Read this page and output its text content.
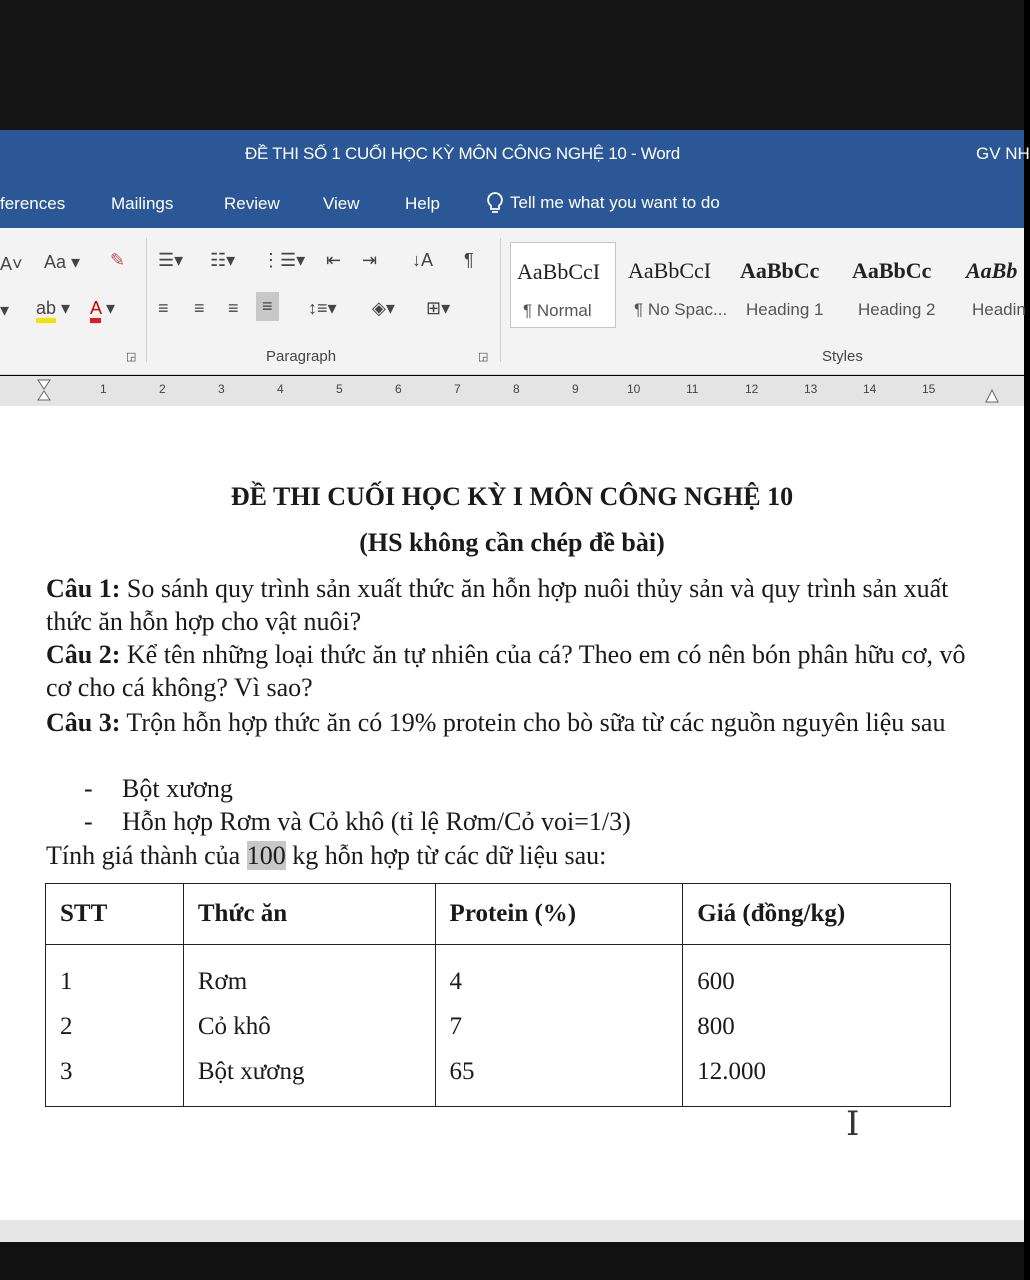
ĐỀ THI SỐ 1 CUỐI HỌC KỲ MÔN CÔNG NGHỆ 10 - Word	GV NH
ferences	Mailings	Review	View	Help	Tell me what you want to do
A˅ Aa ▾ ✎
▾ ab ▾ A ▾
☰▾ ☷▾ ⋮☰▾ ⇤ ⇥ ↓A ¶
≡ ≡ ≡	≡	↕≡▾ ◈▾ ⊞▾
Paragraph
◲	◲
AaBbCcI
¶ Normal
AaBbCcI
¶ No Spac...
AaBbCc
Heading 1
AaBbCc
Heading 2
AaBb
Headin
Styles
1	2	3	4	5	6	7	8	9	10	11	12	13	14	15
ĐỀ THI CUỐI HỌC KỲ I MÔN CÔNG NGHỆ 10
(HS không cần chép đề bài)
Câu 1: So sánh quy trình sản xuất thức ăn hỗn hợp nuôi thủy sản và quy trình sản xuất thức ăn hỗn hợp cho vật nuôi?
Câu 2: Kể tên những loại thức ăn tự nhiên của cá? Theo em có nên bón phân hữu cơ, vô cơ cho cá không? Vì sao?
Câu 3: Trộn hỗn hợp thức ăn có 19% protein cho bò sữa từ các nguồn nguyên liệu sau
- Bột xương
- Hỗn hợp Rơm và Cỏ khô (tỉ lệ Rơm/Cỏ voi=1/3)
Tính giá thành của 100 kg hỗn hợp từ các dữ liệu sau:
STT	Thức ăn	Protein (%)	Giá (đồng/kg)
1	Rơm	4	600
2	Cỏ khô	7	800
3	Bột xương	65	12.000
I
